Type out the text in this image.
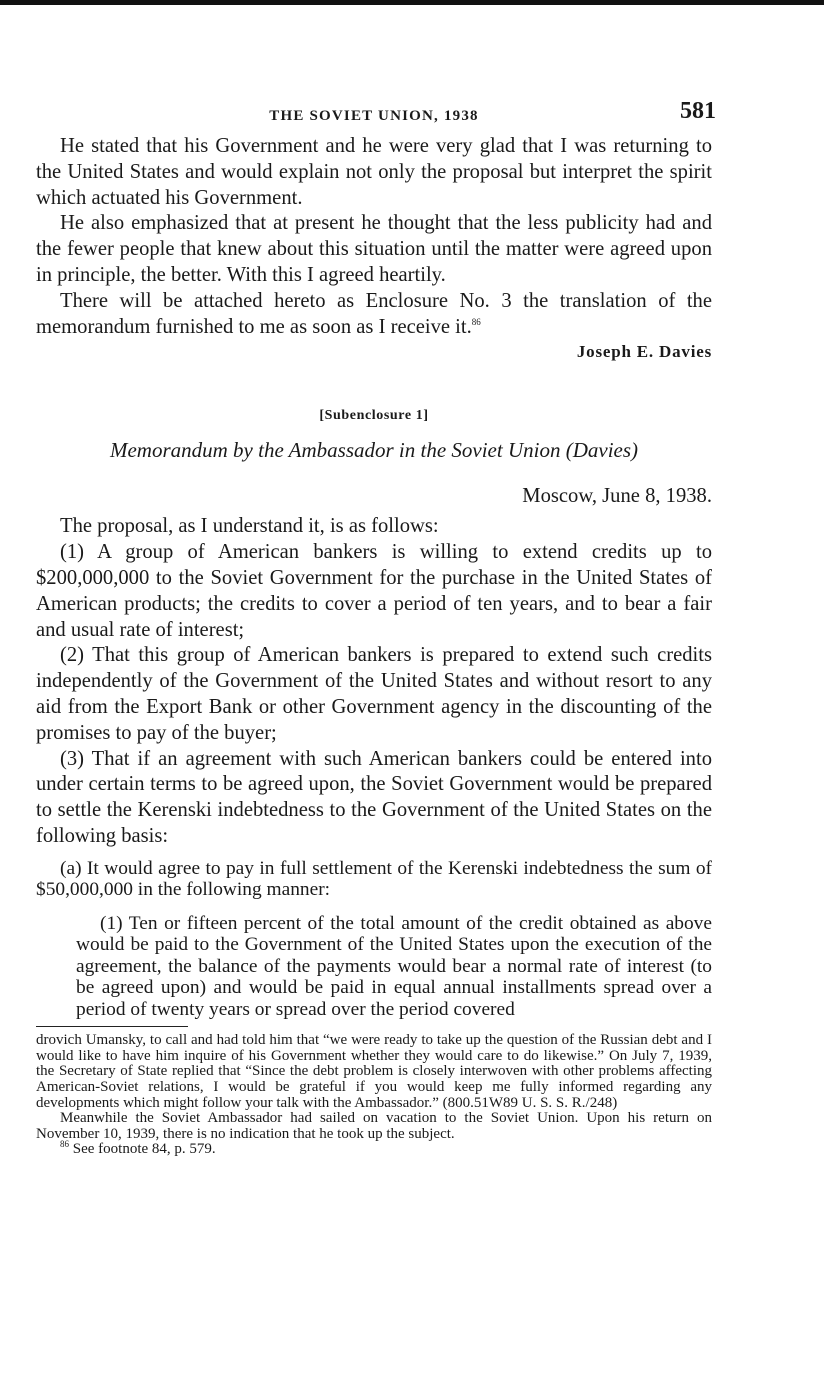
THE SOVIET UNION, 1938	581

He stated that his Government and he were very glad that I was returning to the United States and would explain not only the proposal but interpret the spirit which actuated his Government.

He also emphasized that at present he thought that the less publicity had and the fewer people that knew about this situation until the matter were agreed upon in principle, the better. With this I agreed heartily.

There will be attached hereto as Enclosure No. 3 the translation of the memorandum furnished to me as soon as I receive it.$^{86}$

Joseph E. Davies
[Subenclosure 1]
Memorandum by the Ambassador in the Soviet Union (Davies)
Moscow, June 8, 1938.

The proposal, as I understand it, is as follows:

(1) A group of American bankers is willing to extend credits up to $200,000,000 to the Soviet Government for the purchase in the United States of American products; the credits to cover a period of ten years, and to bear a fair and usual rate of interest;

(2) That this group of American bankers is prepared to extend such credits independently of the Government of the United States and without resort to any aid from the Export Bank or other Government agency in the discounting of the promises to pay of the buyer;

(3) That if an agreement with such American bankers could be entered into under certain terms to be agreed upon, the Soviet Government would be prepared to settle the Kerenski indebtedness to the Government of the United States on the following basis:

(a) It would agree to pay in full settlement of the Kerenski indebtedness the sum of $50,000,000 in the following manner:

(1) Ten or fifteen percent of the total amount of the credit obtained as above would be paid to the Government of the United States upon the execution of the agreement, the balance of the payments would bear a normal rate of interest (to be agreed upon) and would be paid in equal annual installments spread over a period of twenty years or spread over the period covered

drovich Umansky, to call and had told him that “we were ready to take up the question of the Russian debt and I would like to have him inquire of his Government whether they would care to do likewise.” On July 7, 1939, the Secretary of State replied that “Since the debt problem is closely interwoven with other problems affecting American-Soviet relations, I would be grateful if you would keep me fully informed regarding any developments which might follow your talk with the Ambassador.” (800.51W89 U. S. S. R./248)

Meanwhile the Soviet Ambassador had sailed on vacation to the Soviet Union. Upon his return on November 10, 1939, there is no indication that he took up the subject.

$^{86}$ See footnote 84, p. 579.
